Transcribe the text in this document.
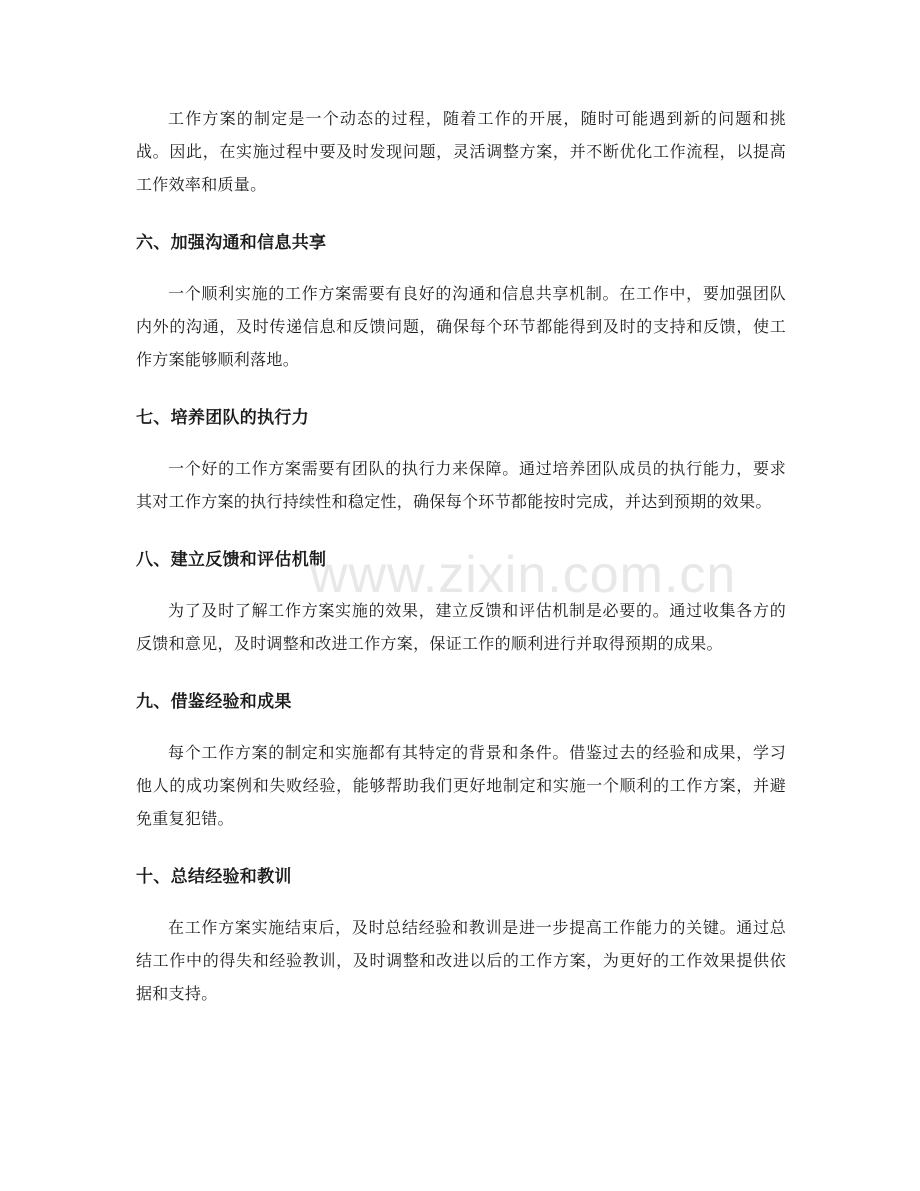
工作方案的制定是一个动态的过程，随着工作的开展，随时可能遇到新的问题和挑战。因此，在实施过程中要及时发现问题，灵活调整方案，并不断优化工作流程，以提高工作效率和质量。

六、加强沟通和信息共享

一个顺利实施的工作方案需要有良好的沟通和信息共享机制。在工作中，要加强团队内外的沟通，及时传递信息和反馈问题，确保每个环节都能得到及时的支持和反馈，使工作方案能够顺利落地。

七、培养团队的执行力

一个好的工作方案需要有团队的执行力来保障。通过培养团队成员的执行能力，要求其对工作方案的执行持续性和稳定性，确保每个环节都能按时完成，并达到预期的效果。

八、建立反馈和评估机制

为了及时了解工作方案实施的效果，建立反馈和评估机制是必要的。通过收集各方的反馈和意见，及时调整和改进工作方案，保证工作的顺利进行并取得预期的成果。

九、借鉴经验和成果

每个工作方案的制定和实施都有其特定的背景和条件。借鉴过去的经验和成果，学习他人的成功案例和失败经验，能够帮助我们更好地制定和实施一个顺利的工作方案，并避免重复犯错。

十、总结经验和教训

在工作方案实施结束后，及时总结经验和教训是进一步提高工作能力的关键。通过总结工作中的得失和经验教训，及时调整和改进以后的工作方案，为更好的工作效果提供依据和支持。

www.zixin.com.cn
